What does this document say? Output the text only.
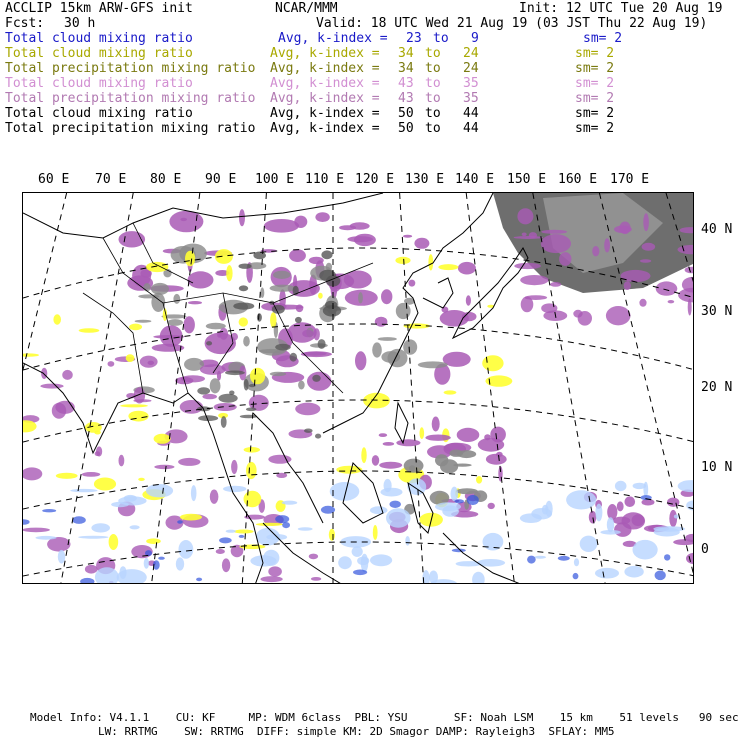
ACCLIP 15km ARW-GFS init	NCAR/MMM	Init: 12 UTC Tue 20 Aug 19
Fcst: 30 h	Valid: 18 UTC Wed 21 Aug 19 (03 JST Thu 22 Aug 19)
Total cloud mixing ratio	Avg, k-index = 23 to 9	sm= 2
Total cloud mixing ratio	Avg, k-index = 34 to 24	sm= 2
Total precipitation mixing ratio Avg, k-index = 34 to 24	sm= 2
Total cloud mixing ratio	Avg, k-index = 43 to 35	sm= 2
Total precipitation mixing ratio Avg, k-index = 43 to 35	sm= 2
Total cloud mixing ratio	Avg, k-index = 50 to 44	sm= 2
Total precipitation mixing ratio Avg, k-index = 50 to 44	sm= 2
60 E 70 E 80 E 90 E 100 E 110 E 120 E 130 E 140 E 150 E 160 E 170 E
40 N
30 N
20 N
10 N
0
Model Info: V4.1.1    CU: KF     MP: WDM 6class  PBL: YSU       SF: Noah LSM    15 km    51 levels   90 sec
LW: RRTMG    SW: RRTMG  DIFF: simple KM: 2D Smagor DAMP: Rayleigh3  SFLAY: MM5
